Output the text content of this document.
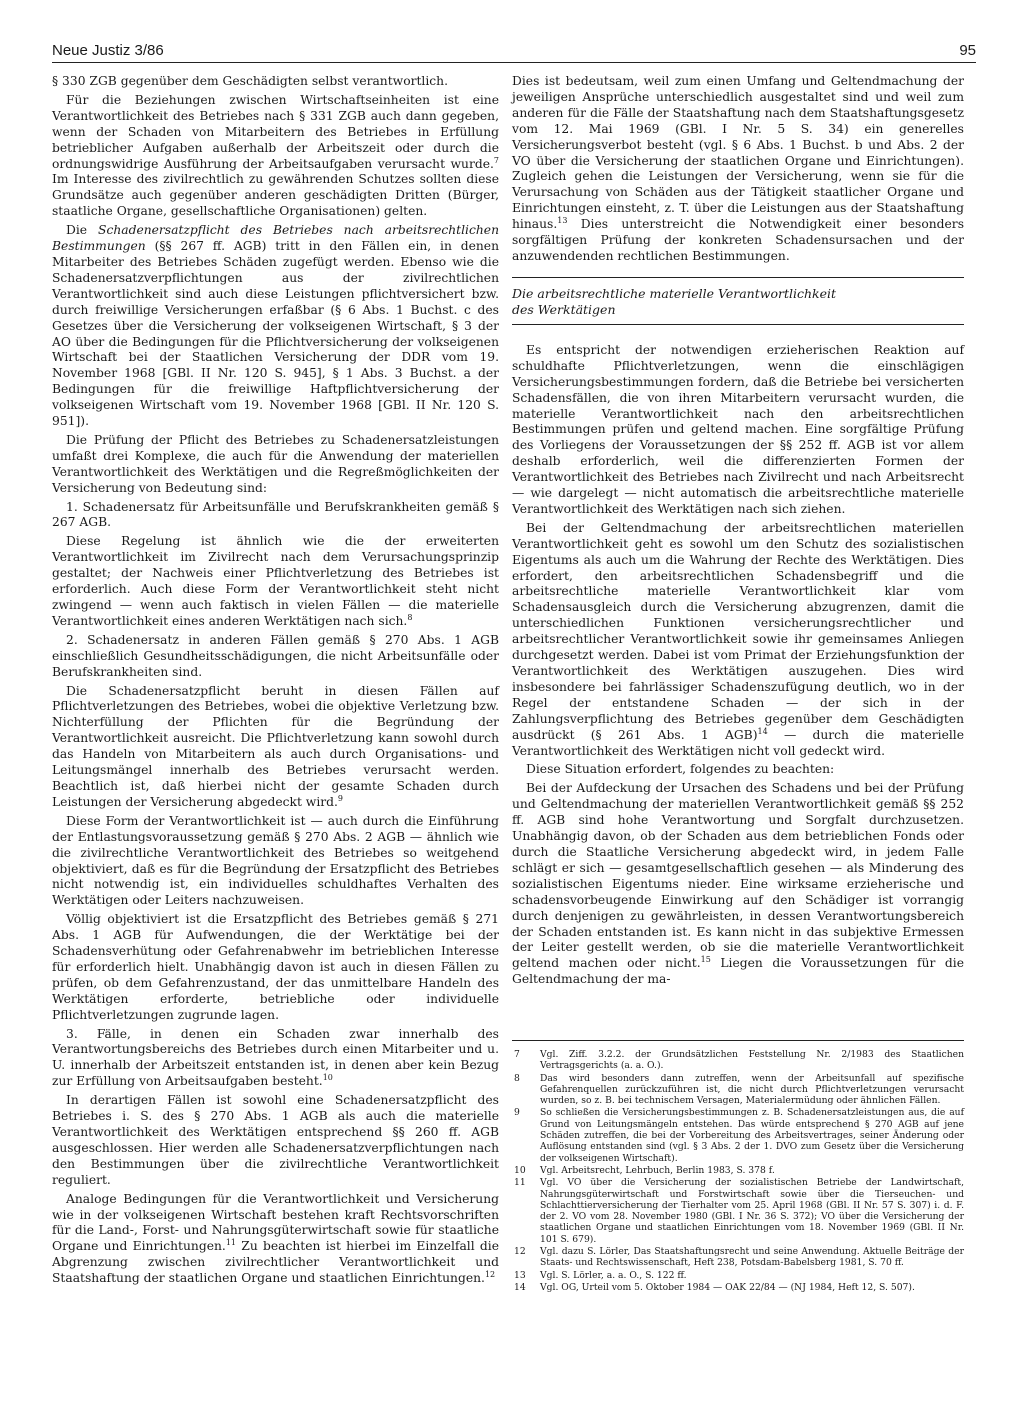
Neue Justiz 3/86	95

§ 330 ZGB gegenüber dem Geschädigten selbst verantwortlich.

Für die Beziehungen zwischen Wirtschaftseinheiten ist eine Verantwortlichkeit des Betriebes nach § 331 ZGB auch dann gegeben, wenn der Schaden von Mitarbeitern des Betriebes in Erfüllung betrieblicher Aufgaben außerhalb der Arbeitszeit oder durch die ordnungswidrige Ausführung der Arbeitsaufgaben verursacht wurde.$^7$ Im Interesse des zivilrechtlich zu gewährenden Schutzes sollten diese Grundsätze auch gegenüber anderen geschädigten Dritten (Bürger, staatliche Organe, gesellschaftliche Organisationen) gelten.

Die Schadenersatzpflicht des Betriebes nach arbeitsrechtlichen Bestimmungen (§§ 267 ff. AGB) tritt in den Fällen ein, in denen Mitarbeiter des Betriebes Schäden zugefügt werden. Ebenso wie die Schadenersatzverpflichtungen aus der zivilrechtlichen Verantwortlichkeit sind auch diese Leistungen pflichtversichert bzw. durch freiwillige Versicherungen erfaßbar (§ 6 Abs. 1 Buchst. c des Gesetzes über die Versicherung der volkseigenen Wirtschaft, § 3 der AO über die Bedingungen für die Pflichtversicherung der volkseigenen Wirtschaft bei der Staatlichen Versicherung der DDR vom 19. November 1968 [GBl. II Nr. 120 S. 945], § 1 Abs. 3 Buchst. a der Bedingungen für die freiwillige Haftpflichtversicherung der volkseigenen Wirtschaft vom 19. November 1968 [GBl. II Nr. 120 S. 951]).

Die Prüfung der Pflicht des Betriebes zu Schadenersatzleistungen umfaßt drei Komplexe, die auch für die Anwendung der materiellen Verantwortlichkeit des Werktätigen und die Regreßmöglichkeiten der Versicherung von Bedeutung sind:

1. Schadenersatz für Arbeitsunfälle und Berufskrankheiten gemäß § 267 AGB.

Diese Regelung ist ähnlich wie die der erweiterten Verantwortlichkeit im Zivilrecht nach dem Verursachungsprinzip gestaltet; der Nachweis einer Pflichtverletzung des Betriebes ist erforderlich. Auch diese Form der Verantwortlichkeit steht nicht zwingend — wenn auch faktisch in vielen Fällen — die materielle Verantwortlichkeit eines anderen Werktätigen nach sich.$^8$

2. Schadenersatz in anderen Fällen gemäß § 270 Abs. 1 AGB einschließlich Gesundheitsschädigungen, die nicht Arbeitsunfälle oder Berufskrankheiten sind.

Die Schadenersatzpflicht beruht in diesen Fällen auf Pflichtverletzungen des Betriebes, wobei die objektive Verletzung bzw. Nichterfüllung der Pflichten für die Begründung der Verantwortlichkeit ausreicht. Die Pflichtverletzung kann sowohl durch das Handeln von Mitarbeitern als auch durch Organisations- und Leitungsmängel innerhalb des Betriebes verursacht werden. Beachtlich ist, daß hierbei nicht der gesamte Schaden durch Leistungen der Versicherung abgedeckt wird.$^9$

Diese Form der Verantwortlichkeit ist — auch durch die Einführung der Entlastungsvoraussetzung gemäß § 270 Abs. 2 AGB — ähnlich wie die zivilrechtliche Verantwortlichkeit des Betriebes so weitgehend objektiviert, daß es für die Begründung der Ersatzpflicht des Betriebes nicht notwendig ist, ein individuelles schuldhaftes Verhalten des Werktätigen oder Leiters nachzuweisen.

Völlig objektiviert ist die Ersatzpflicht des Betriebes gemäß § 271 Abs. 1 AGB für Aufwendungen, die der Werktätige bei der Schadensverhütung oder Gefahrenabwehr im betrieblichen Interesse für erforderlich hielt. Unabhängig davon ist auch in diesen Fällen zu prüfen, ob dem Gefahrenzustand, der das unmittelbare Handeln des Werktätigen erforderte, betriebliche oder individuelle Pflichtverletzungen zugrunde lagen.

3. Fälle, in denen ein Schaden zwar innerhalb des Verantwortungsbereichs des Betriebes durch einen Mitarbeiter und u. U. innerhalb der Arbeitszeit entstanden ist, in denen aber kein Bezug zur Erfüllung von Arbeitsaufgaben besteht.$^{10}$

In derartigen Fällen ist sowohl eine Schadenersatzpflicht des Betriebes i. S. des § 270 Abs. 1 AGB als auch die materielle Verantwortlichkeit des Werktätigen entsprechend §§ 260 ff. AGB ausgeschlossen. Hier werden alle Schadenersatzverpflichtungen nach den Bestimmungen über die zivilrechtliche Verantwortlichkeit reguliert.

Analoge Bedingungen für die Verantwortlichkeit und Versicherung wie in der volkseigenen Wirtschaft bestehen kraft Rechtsvorschriften für die Land-, Forst- und Nahrungsgüterwirtschaft sowie für staatliche Organe und Einrichtungen.$^{11}$ Zu beachten ist hierbei im Einzelfall die Abgrenzung zwischen zivilrechtlicher Verantwortlichkeit und Staatshaftung der staatlichen Organe und staatlichen Einrichtungen.$^{12}$

Dies ist bedeutsam, weil zum einen Umfang und Geltendmachung der jeweiligen Ansprüche unterschiedlich ausgestaltet sind und weil zum anderen für die Fälle der Staatshaftung nach dem Staatshaftungsgesetz vom 12. Mai 1969 (GBl. I Nr. 5 S. 34) ein generelles Versicherungsverbot besteht (vgl. § 6 Abs. 1 Buchst. b und Abs. 2 der VO über die Versicherung der staatlichen Organe und Einrichtungen). Zugleich gehen die Leistungen der Versicherung, wenn sie für die Verursachung von Schäden aus der Tätigkeit staatlicher Organe und Einrichtungen einsteht, z. T. über die Leistungen aus der Staatshaftung hinaus.$^{13}$ Dies unterstreicht die Notwendigkeit einer besonders sorgfältigen Prüfung der konkreten Schadensursachen und der anzuwendenden rechtlichen Bestimmungen.

Die arbeitsrechtliche materielle Verantwortlichkeit
des Werktätigen

Es entspricht der notwendigen erzieherischen Reaktion auf schuldhafte Pflichtverletzungen, wenn die einschlägigen Versicherungsbestimmungen fordern, daß die Betriebe bei versicherten Schadensfällen, die von ihren Mitarbeitern verursacht wurden, die materielle Verantwortlichkeit nach den arbeitsrechtlichen Bestimmungen prüfen und geltend machen. Eine sorgfältige Prüfung des Vorliegens der Voraussetzungen der §§ 252 ff. AGB ist vor allem deshalb erforderlich, weil die differenzierten Formen der Verantwortlichkeit des Betriebes nach Zivilrecht und nach Arbeitsrecht — wie dargelegt — nicht automatisch die arbeitsrechtliche materielle Verantwortlichkeit des Werktätigen nach sich ziehen.

Bei der Geltendmachung der arbeitsrechtlichen materiellen Verantwortlichkeit geht es sowohl um den Schutz des sozialistischen Eigentums als auch um die Wahrung der Rechte des Werktätigen. Dies erfordert, den arbeitsrechtlichen Schadensbegriff und die arbeitsrechtliche materielle Verantwortlichkeit klar vom Schadensausgleich durch die Versicherung abzugrenzen, damit die unterschiedlichen Funktionen versicherungsrechtlicher und arbeitsrechtlicher Verantwortlichkeit sowie ihr gemeinsames Anliegen durchgesetzt werden. Dabei ist vom Primat der Erziehungsfunktion der Verantwortlichkeit des Werktätigen auszugehen. Dies wird insbesondere bei fahrlässiger Schadenszufügung deutlich, wo in der Regel der entstandene Schaden — der sich in der Zahlungsverpflichtung des Betriebes gegenüber dem Geschädigten ausdrückt (§ 261 Abs. 1 AGB)$^{14}$ — durch die materielle Verantwortlichkeit des Werktätigen nicht voll gedeckt wird.

Diese Situation erfordert, folgendes zu beachten:

Bei der Aufdeckung der Ursachen des Schadens und bei der Prüfung und Geltendmachung der materiellen Verantwortlichkeit gemäß §§ 252 ff. AGB sind hohe Verantwortung und Sorgfalt durchzusetzen. Unabhängig davon, ob der Schaden aus dem betrieblichen Fonds oder durch die Staatliche Versicherung abgedeckt wird, in jedem Falle schlägt er sich — gesamtgesellschaftlich gesehen — als Minderung des sozialistischen Eigentums nieder. Eine wirksame erzieherische und schadensvorbeugende Einwirkung auf den Schädiger ist vorrangig durch denjenigen zu gewährleisten, in dessen Verantwortungsbereich der Schaden entstanden ist. Es kann nicht in das subjektive Ermessen der Leiter gestellt werden, ob sie die materielle Verantwortlichkeit geltend machen oder nicht.$^{15}$ Liegen die Voraussetzungen für die Geltendmachung der ma-

7	Vgl. Ziff. 3.2.2. der Grundsätzlichen Feststellung Nr. 2/1983 des Staatlichen Vertragsgerichts (a. a. O.).
8	Das wird besonders dann zutreffen, wenn der Arbeitsunfall auf spezifische Gefahrenquellen zurückzuführen ist, die nicht durch Pflichtverletzungen verursacht wurden, so z. B. bei technischem Versagen, Materialermüdung oder ähnlichen Fällen.
9	So schließen die Versicherungsbestimmungen z. B. Schadenersatzleistungen aus, die auf Grund von Leitungsmängeln entstehen. Das würde entsprechend § 270 AGB auf jene Schäden zutreffen, die bei der Vorbereitung des Arbeitsvertrages, seiner Änderung oder Auflösung entstanden sind (vgl. § 3 Abs. 2 der 1. DVO zum Gesetz über die Versicherung der volkseigenen Wirtschaft).
10	Vgl. Arbeitsrecht, Lehrbuch, Berlin 1983, S. 378 f.
11	Vgl. VO über die Versicherung der sozialistischen Betriebe der Landwirtschaft, Nahrungsgüterwirtschaft und Forstwirtschaft sowie über die Tierseuchen- und Schlachttierversicherung der Tierhalter vom 25. April 1968 (GBl. II Nr. 57 S. 307) i. d. F. der 2. VO vom 28. November 1980 (GBl. I Nr. 36 S. 372); VO über die Versicherung der staatlichen Organe und staatlichen Einrichtungen vom 18. November 1969 (GBl. II Nr. 101 S. 679).
12	Vgl. dazu S. Lörler, Das Staatshaftungsrecht und seine Anwendung. Aktuelle Beiträge der Staats- und Rechtswissenschaft, Heft 238, Potsdam-Babelsberg 1981, S. 70 ff.
13	Vgl. S. Lörler, a. a. O., S. 122 ff.
14	Vgl. OG, Urteil vom 5. Oktober 1984 — OAK 22/84 — (NJ 1984, Heft 12, S. 507).
